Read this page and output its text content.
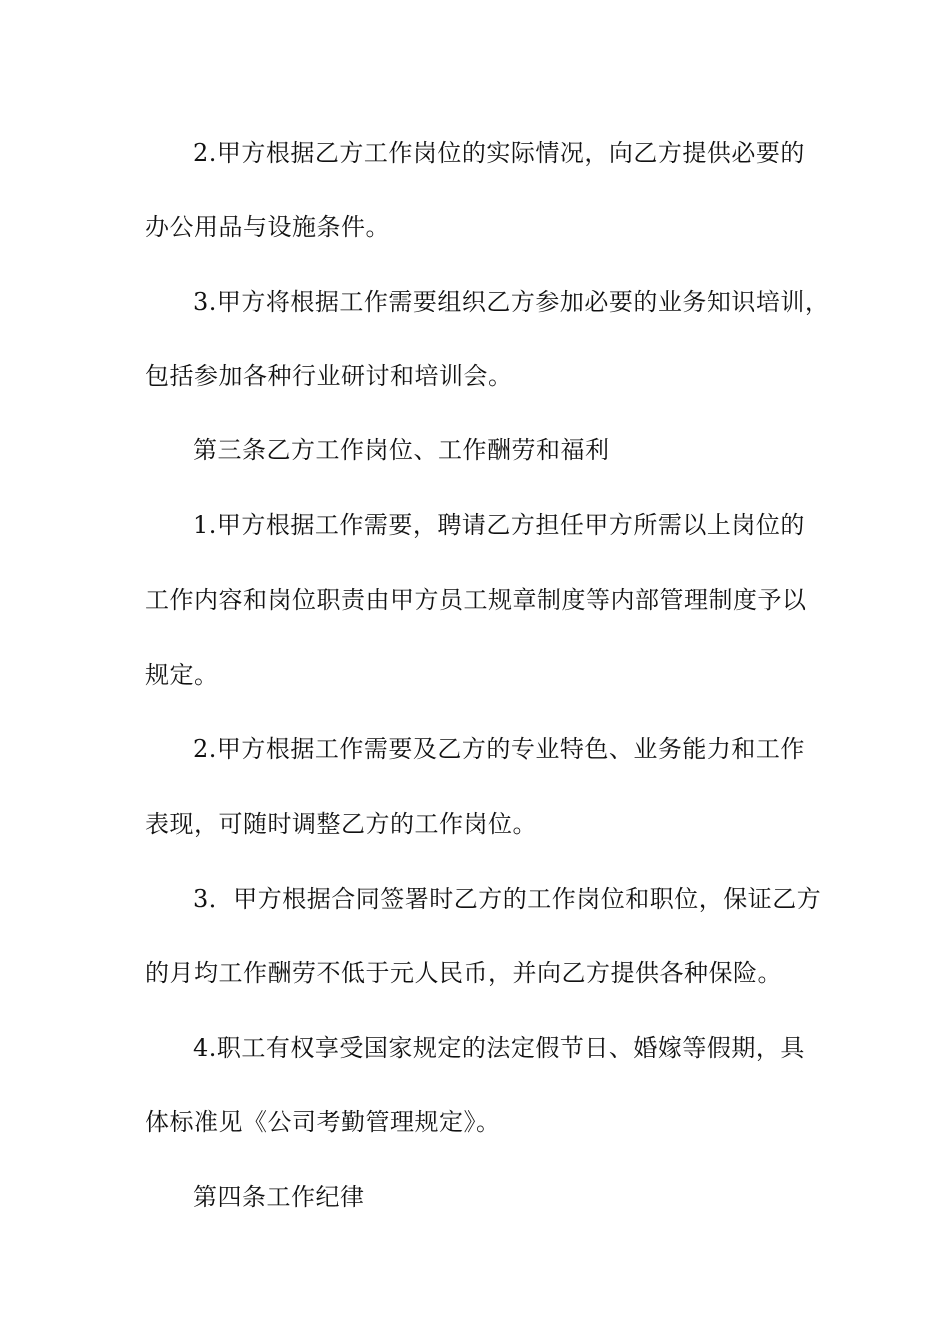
2.甲方根据乙方工作岗位的实际情况，向乙方提供必要的
办公用品与设施条件。
3.甲方将根据工作需要组织乙方参加必要的业务知识培训，
包括参加各种行业研讨和培训会。
第三条乙方工作岗位、工作酬劳和福利
1.甲方根据工作需要，聘请乙方担任甲方所需以上岗位的
工作内容和岗位职责由甲方员工规章制度等内部管理制度予以
规定。
2.甲方根据工作需要及乙方的专业特色、业务能力和工作
表现，可随时调整乙方的工作岗位。
3．甲方根据合同签署时乙方的工作岗位和职位，保证乙方
的月均工作酬劳不低于元人民币，并向乙方提供各种保险。
4.职工有权享受国家规定的法定假节日、婚嫁等假期，具
体标准见《公司考勤管理规定》。
第四条工作纪律
